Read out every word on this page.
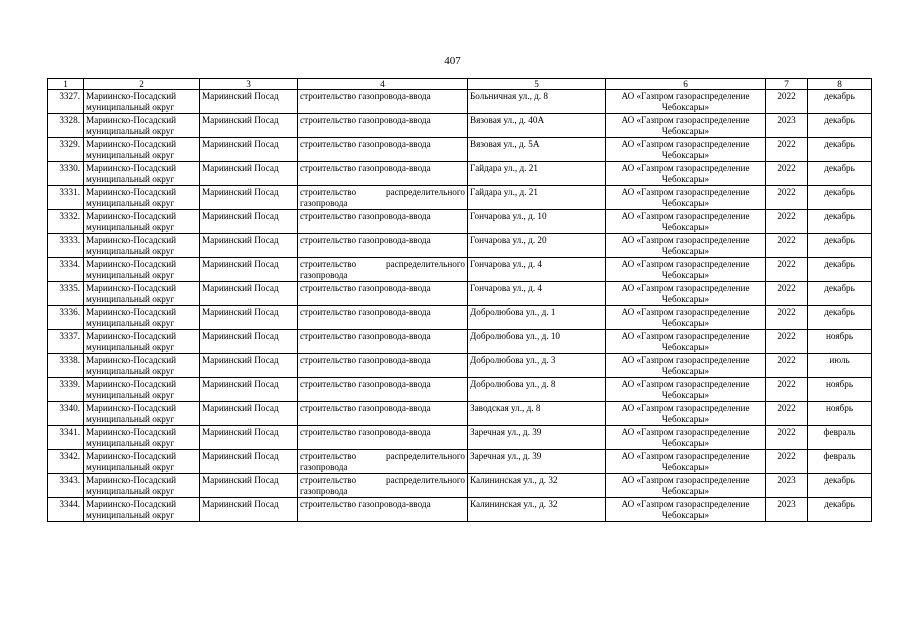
407
1	2	3	4	5	6	7	8
3327.	Мариинско-Посадский муниципальный округ	Мариинский Посад	строительство газопровода-ввода	Больничная ул., д. 8	АО «Газпром газораспределение Чебоксары»	2022	декабрь
3328.	Мариинско-Посадский муниципальный округ	Мариинский Посад	строительство газопровода-ввода	Вязовая ул., д. 40А	АО «Газпром газораспределение Чебоксары»	2023	декабрь
3329.	Мариинско-Посадский муниципальный округ	Мариинский Посад	строительство газопровода-ввода	Вязовая ул., д. 5А	АО «Газпром газораспределение Чебоксары»	2022	декабрь
3330.	Мариинско-Посадский муниципальный округ	Мариинский Посад	строительство газопровода-ввода	Гайдара ул., д. 21	АО «Газпром газораспределение Чебоксары»	2022	декабрь
3331.	Мариинско-Посадский муниципальный округ	Мариинский Посад	строительство распределительного газопровода	Гайдара ул., д. 21	АО «Газпром газораспределение Чебоксары»	2022	декабрь
3332.	Мариинско-Посадский муниципальный округ	Мариинский Посад	строительство газопровода-ввода	Гончарова ул., д. 10	АО «Газпром газораспределение Чебоксары»	2022	декабрь
3333.	Мариинско-Посадский муниципальный округ	Мариинский Посад	строительство газопровода-ввода	Гончарова ул., д. 20	АО «Газпром газораспределение Чебоксары»	2022	декабрь
3334.	Мариинско-Посадский муниципальный округ	Мариинский Посад	строительство распределительного газопровода	Гончарова ул., д. 4	АО «Газпром газораспределение Чебоксары»	2022	декабрь
3335.	Мариинско-Посадский муниципальный округ	Мариинский Посад	строительство газопровода-ввода	Гончарова ул., д. 4	АО «Газпром газораспределение Чебоксары»	2022	декабрь
3336.	Мариинско-Посадский муниципальный округ	Мариинский Посад	строительство газопровода-ввода	Добролюбова ул., д. 1	АО «Газпром газораспределение Чебоксары»	2022	декабрь
3337.	Мариинско-Посадский муниципальный округ	Мариинский Посад	строительство газопровода-ввода	Добролюбова ул., д. 10	АО «Газпром газораспределение Чебоксары»	2022	ноябрь
3338.	Мариинско-Посадский муниципальный округ	Мариинский Посад	строительство газопровода-ввода	Добролюбова ул., д. 3	АО «Газпром газораспределение Чебоксары»	2022	июль
3339.	Мариинско-Посадский муниципальный округ	Мариинский Посад	строительство газопровода-ввода	Добролюбова ул., д. 8	АО «Газпром газораспределение Чебоксары»	2022	ноябрь
3340.	Мариинско-Посадский муниципальный округ	Мариинский Посад	строительство газопровода-ввода	Заводская ул., д. 8	АО «Газпром газораспределение Чебоксары»	2022	ноябрь
3341.	Мариинско-Посадский муниципальный округ	Мариинский Посад	строительство газопровода-ввода	Заречная ул., д. 39	АО «Газпром газораспределение Чебоксары»	2022	февраль
3342.	Мариинско-Посадский муниципальный округ	Мариинский Посад	строительство распределительного газопровода	Заречная ул., д. 39	АО «Газпром газораспределение Чебоксары»	2022	февраль
3343.	Мариинско-Посадский муниципальный округ	Мариинский Посад	строительство распределительного газопровода	Калининская ул., д. 32	АО «Газпром газораспределение Чебоксары»	2023	декабрь
3344.	Мариинско-Посадский муниципальный округ	Мариинский Посад	строительство газопровода-ввода	Калининская ул., д. 32	АО «Газпром газораспределение Чебоксары»	2023	декабрь
